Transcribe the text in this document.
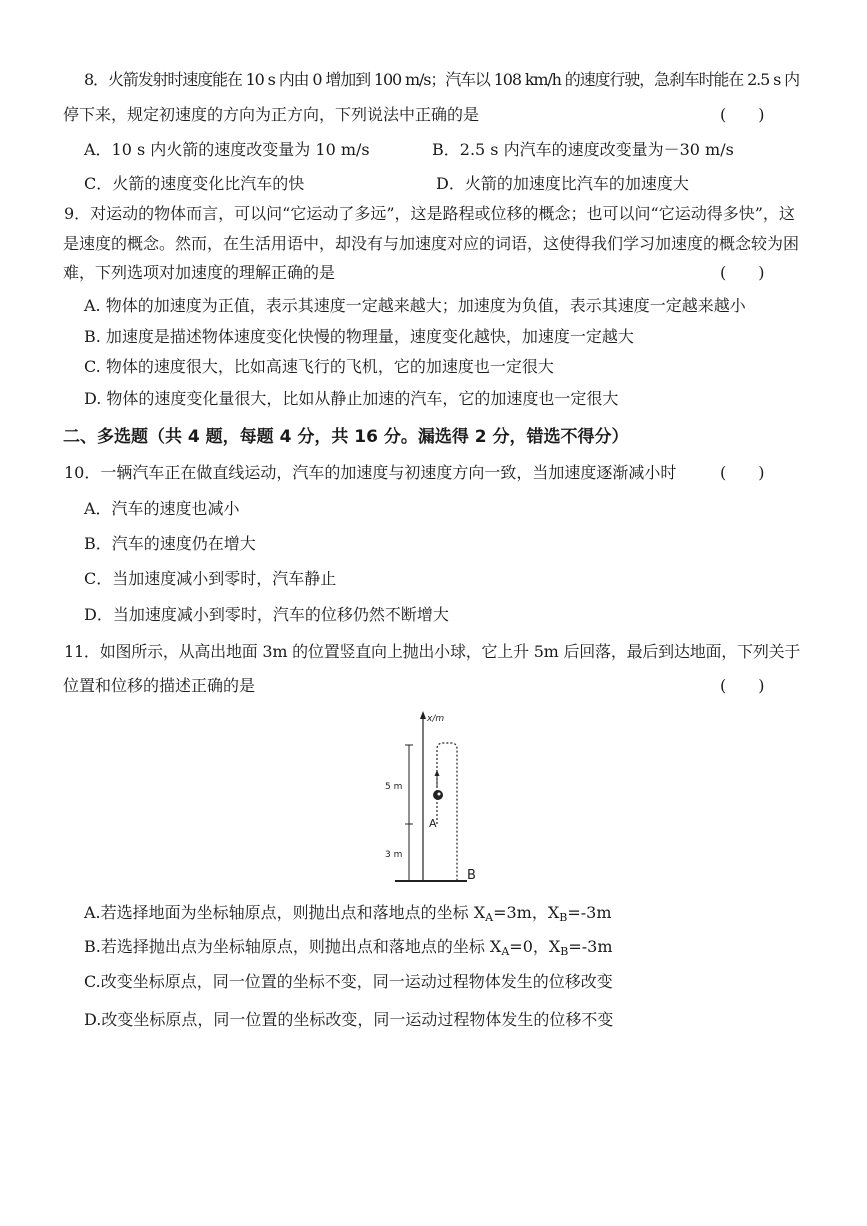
8．火箭发射时速度能在 10 s 内由 0 增加到 100 m/s；汽车以 108 km/h 的速度行驶，急刹车时能在 2.5 s 内
停下来，规定初速度的方向为正方向，下列说法中正确的是	(　　)
A．10 s 内火箭的速度改变量为 10 m/s	B．2.5 s 内汽车的速度改变量为－30 m/s
C．火箭的速度变化比汽车的快	D．火箭的加速度比汽车的加速度大
9．对运动的物体而言，可以问“它运动了多远”，这是路程或位移的概念；也可以问“它运动得多快”，这
是速度的概念。然而，在生活用语中，却没有与加速度对应的词语，这使得我们学习加速度的概念较为困
难，下列选项对加速度的理解正确的是	(　　)
A. 物体的加速度为正值，表示其速度一定越来越大；加速度为负值，表示其速度一定越来越小
B. 加速度是描述物体速度变化快慢的物理量，速度变化越快，加速度一定越大
C. 物体的速度很大，比如高速飞行的飞机，它的加速度也一定很大
D. 物体的速度变化量很大，比如从静止加速的汽车，它的加速度也一定很大
二、多选题（共 4 题，每题 4 分，共 16 分。漏选得 2 分，错选不得分）
10．一辆汽车正在做直线运动，汽车的加速度与初速度方向一致，当加速度逐渐减小时	(　　)
A．汽车的速度也减小
B．汽车的速度仍在增大
C．当加速度减小到零时，汽车静止
D．当加速度减小到零时，汽车的位移仍然不断增大
11．如图所示，从高出地面 3m 的位置竖直向上抛出小球，它上升 5m 后回落，最后到达地面，下列关于
位置和位移的描述正确的是	(　　)
x/m
5 m
3 m
A
B
A.若选择地面为坐标轴原点，则抛出点和落地点的坐标 $X_A=3m$，$X_B=-3m$
B.若选择抛出点为坐标轴原点，则抛出点和落地点的坐标 $X_A=0$，$X_B=-3m$
C.改变坐标原点，同一位置的坐标不变，同一运动过程物体发生的位移改变
D.改变坐标原点，同一位置的坐标改变，同一运动过程物体发生的位移不变
